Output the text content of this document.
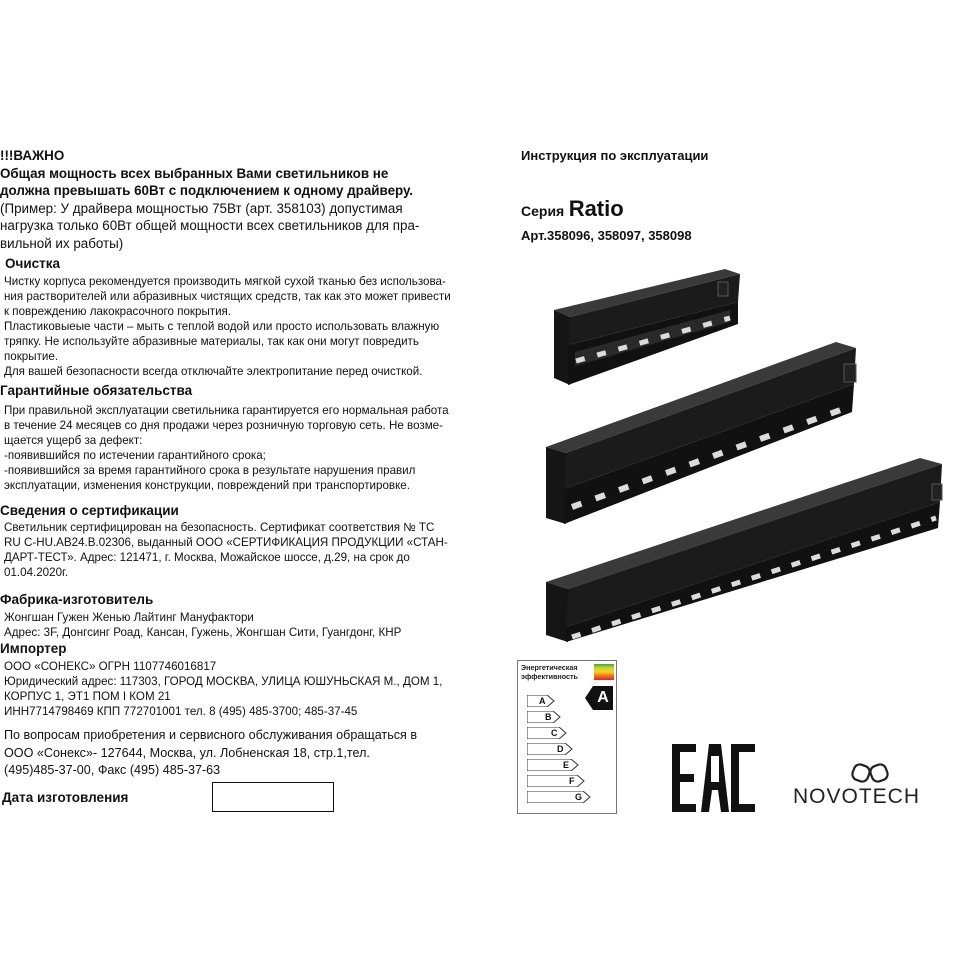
!!!ВАЖНО
Общая мощность всех выбранных Вами светильников не
должна превышать 60Вт с подключением к одному драйверу.
(Пример: У драйвера мощностью 75Вт (арт. 358103) допустимая
нагрузка только 60Вт общей мощности всех светильников для пра-
вильной их работы)
Очистка
Чистку корпуса рекомендуется производить мягкой сухой тканью без использова-
ния растворителей или абразивных чистящих средств, так как это может привести
к повреждению лакокрасочного покрытия.
Пластиковыеые части – мыть с теплой водой или просто использовать влажную
тряпку. Не используйте абразивные материалы, так как они могут повредить
покрытие.
Для вашей безопасности всегда отключайте электропитание перед очисткой.
Гарантийные обязательства
При правильной эксплуатации светильника гарантируется его нормальная работа
в течение 24 месяцев со дня продажи через розничную торговую сеть. Не возме-
щается ущерб за дефект:
-появившийся по истечении гарантийного срока;
-появившийся за время гарантийного срока в результате нарушения правил
эксплуатации, изменения конструкции, повреждений при транспортировке.
Сведения о сертификации
Светильник сертифицирован на безопасность. Сертификат соответствия № ТС
RU C-HU.AB24.B.02306, выданный ООО «СЕРТИФИКАЦИЯ ПРОДУКЦИИ «СТАН-
ДАРТ-ТЕСТ». Адрес: 121471, г. Москва, Можайское шоссе, д.29, на срок до
01.04.2020г.
Фабрика-изготовитель
Жонгшан Гужен Женью Лайтинг Мануфактори
Адрес: 3F, Донгсинг Роад, Кансан, Гужень, Жонгшан Сити, Гуангдонг, КНР
Импортер
ООО «СОНЕКС» ОГРН 1107746016817
Юридический адрес: 117303, ГОРОД МОСКВА, УЛИЦА ЮШУНЬСКАЯ М., ДОМ 1,
КОРПУС 1, ЭТ1 ПОМ I КОМ 21
ИНН7714798469 КПП 772701001 тел. 8 (495) 485-3700; 485-37-45
По вопросам приобретения и сервисного обслуживания обращаться в
ООО «Сонекс»- 127644, Москва, ул. Лобненская 18, стр.1,тел.
(495)485-37-00, Факс (495) 485-37-63
Дата изготовления
Инструкция по эксплуатации
Серия Ratio
Арт.358096, 358097, 358098
Энергетическая
эффективность
A
B
C
D
E
F
G
A
NOVOTECH
